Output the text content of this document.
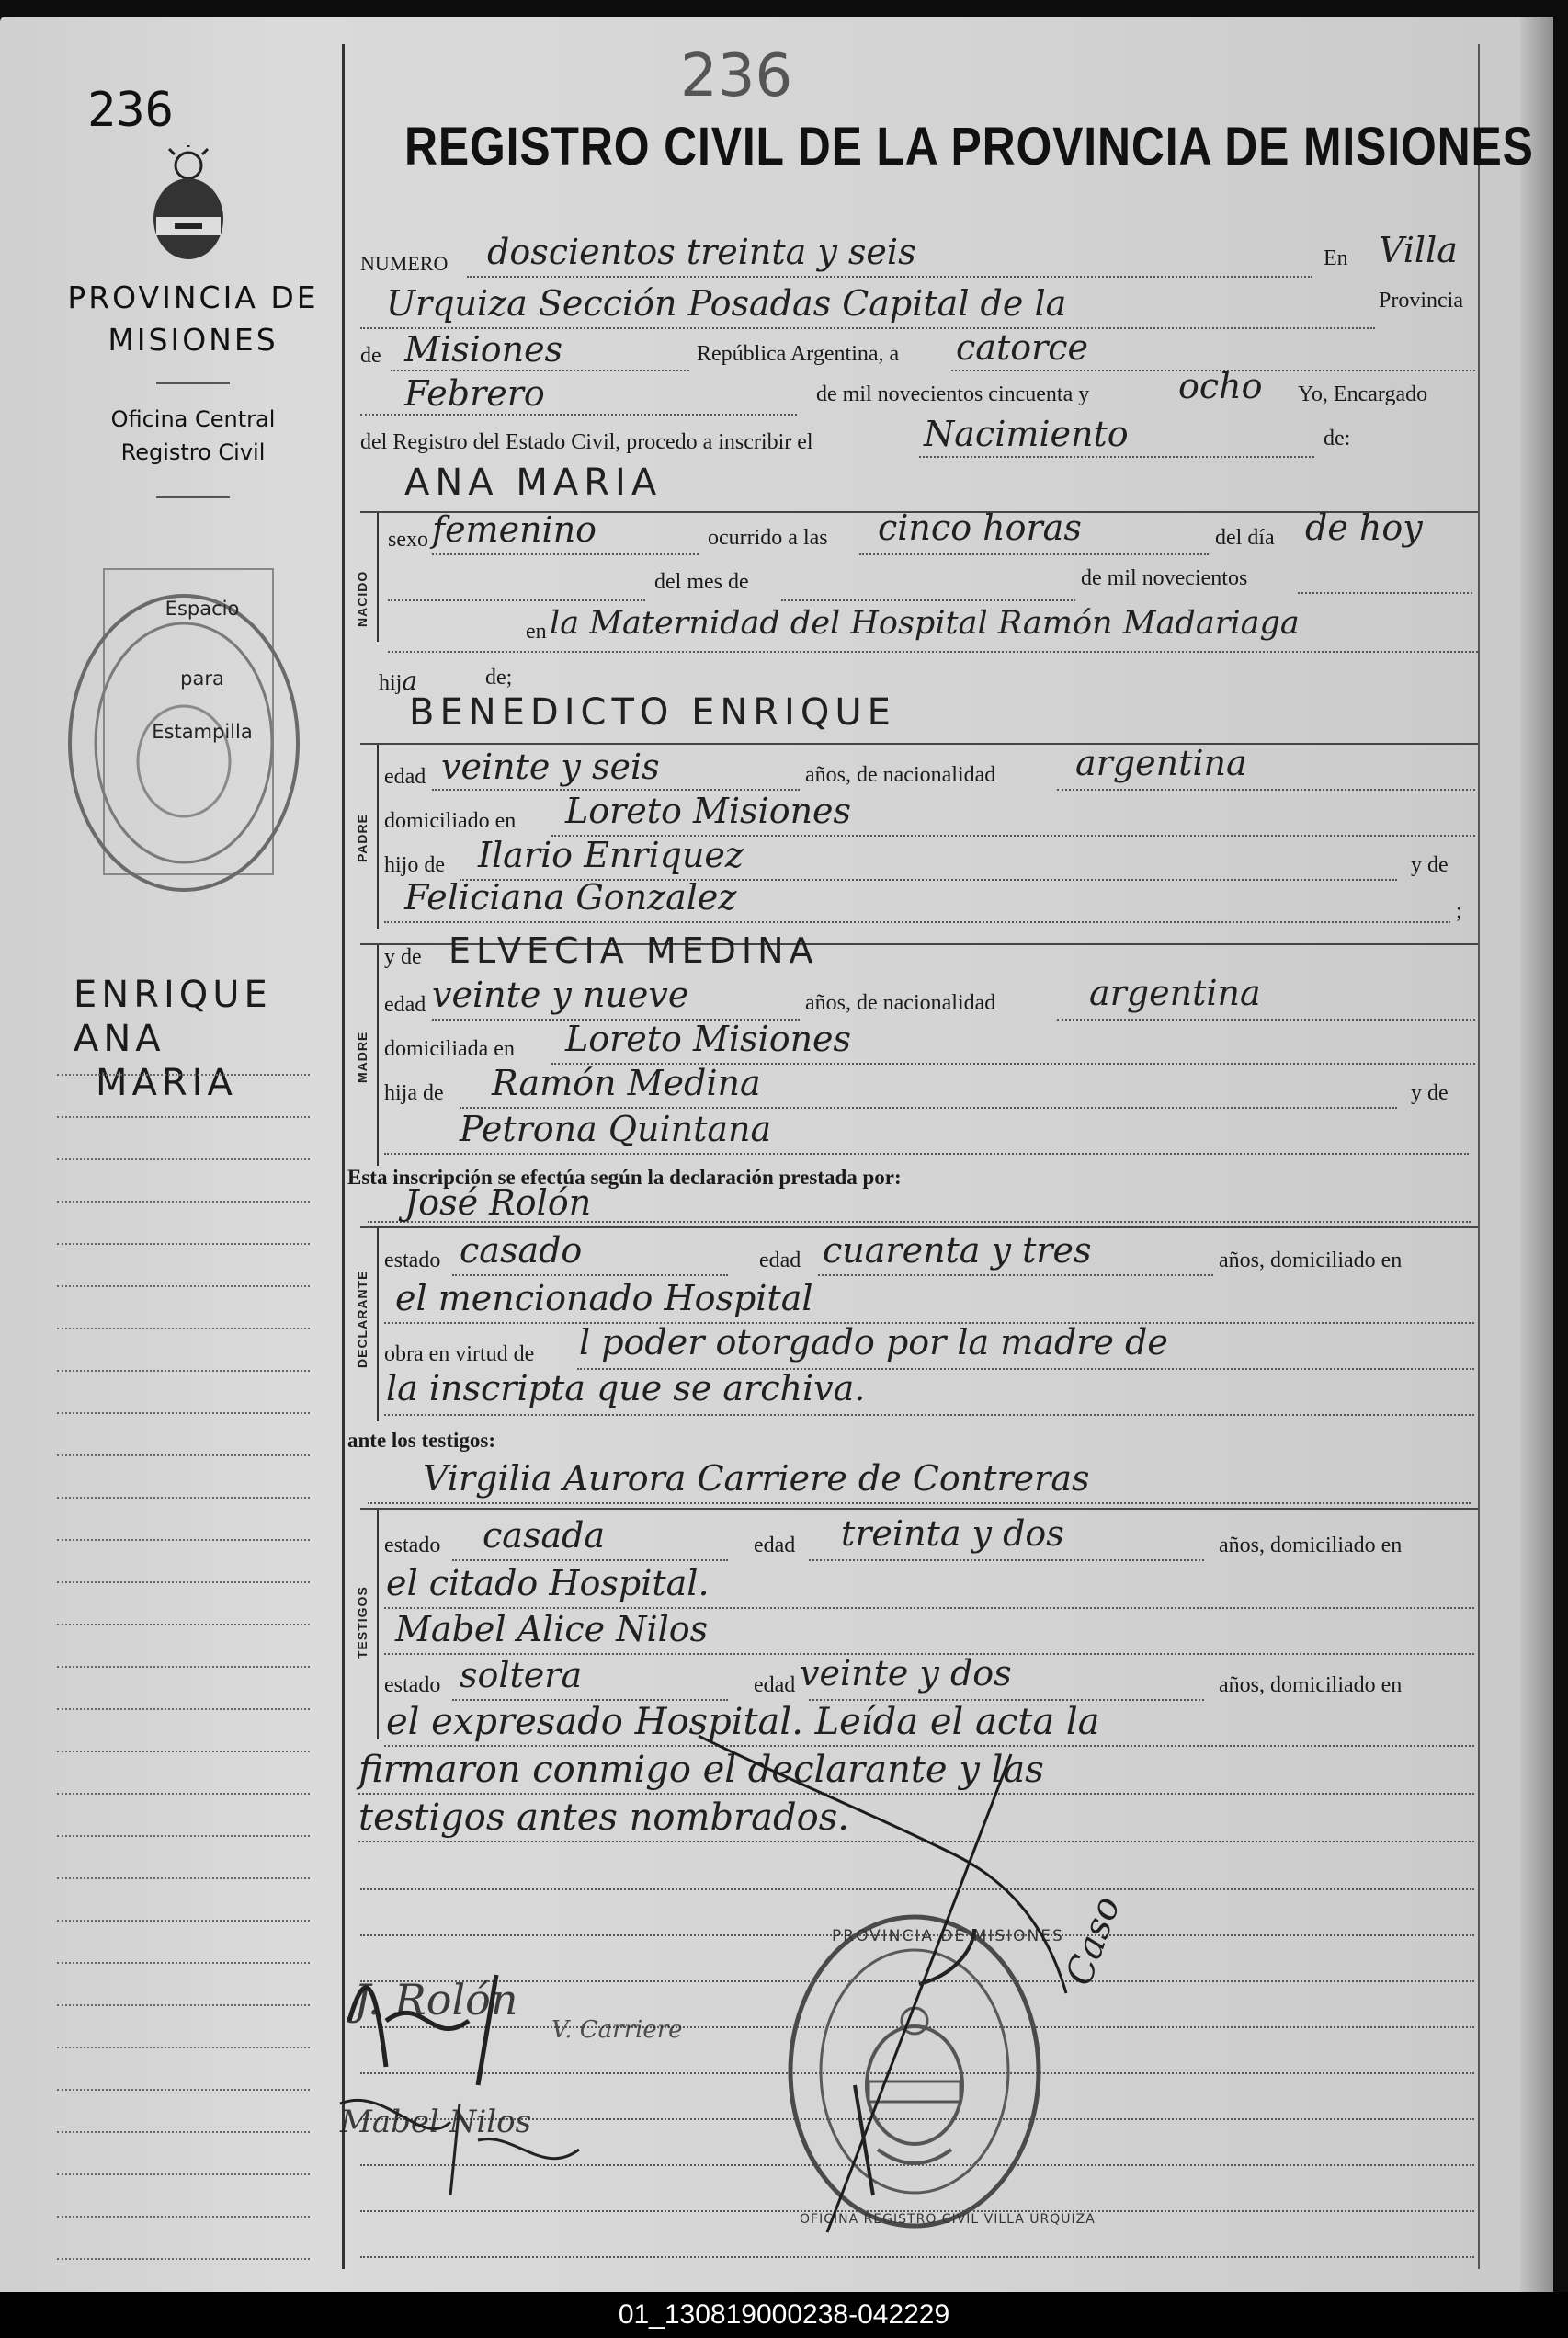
236
PROVINCIA DE
MISIONES
Oficina Central
Registro Civil
Espacio
para
Estampilla
ENRIQUE
ANA
MARIA
236
REGISTRO CIVIL DE LA PROVINCIA DE MISIONES
NUMERO doscientos treinta y seis	En Villa
Urquiza Sección Posadas Capital de la	Provincia
de Misiones	República Argentina, a catorce
Febrero	de mil novecientos cincuenta y	ocho Yo, Encargado
del Registro del Estado Civil, procedo a inscribir el	Nacimiento	de:
ANA MARIA
NACIDO
sexo femenino	ocurrido a las cinco horas	del día de hoy
del mes de	de mil novecientos
en la Maternidad del Hospital Ramón Madariaga
hija	de;
BENEDICTO ENRIQUE
PADRE
edad veinte y seis	años, de nacionalidad argentina
domiciliado en Loreto Misiones
hijo de Ilario Enriquez	y de
Feliciana Gonzalez	;
MADRE
y de ELVECIA MEDINA
edad veinte y nueve	años, de nacionalidad	argentina
domiciliada en Loreto Misiones
hija de Ramón Medina	y de
Petrona Quintana
Esta inscripción se efectúa según la declaración prestada por:
José Rolón
DECLARANTE
estado casado	edad cuarenta y tres	años, domiciliado en
el mencionado Hospital
obra en virtud de l poder otorgado por la madre de
la inscripta que se archiva.
ante los testigos:
Virgilia Aurora Carriere de Contreras
TESTIGOS
estado casada	edad treinta y dos	años, domiciliado en
el citado Hospital.
Mabel Alice Nilos
estado soltera	edad veinte y dos	años, domiciliado en
el expresado Hospital. Leída el acta la
firmaron conmigo el declarante y las
testigos antes nombrados.
PROVINCIA DE MISIONES
OFICINA REGISTRO CIVIL VILLA URQUIZA
J. Rolón
Mabel Nilos
V. Carriere
Caso
01_130819000238-042229
